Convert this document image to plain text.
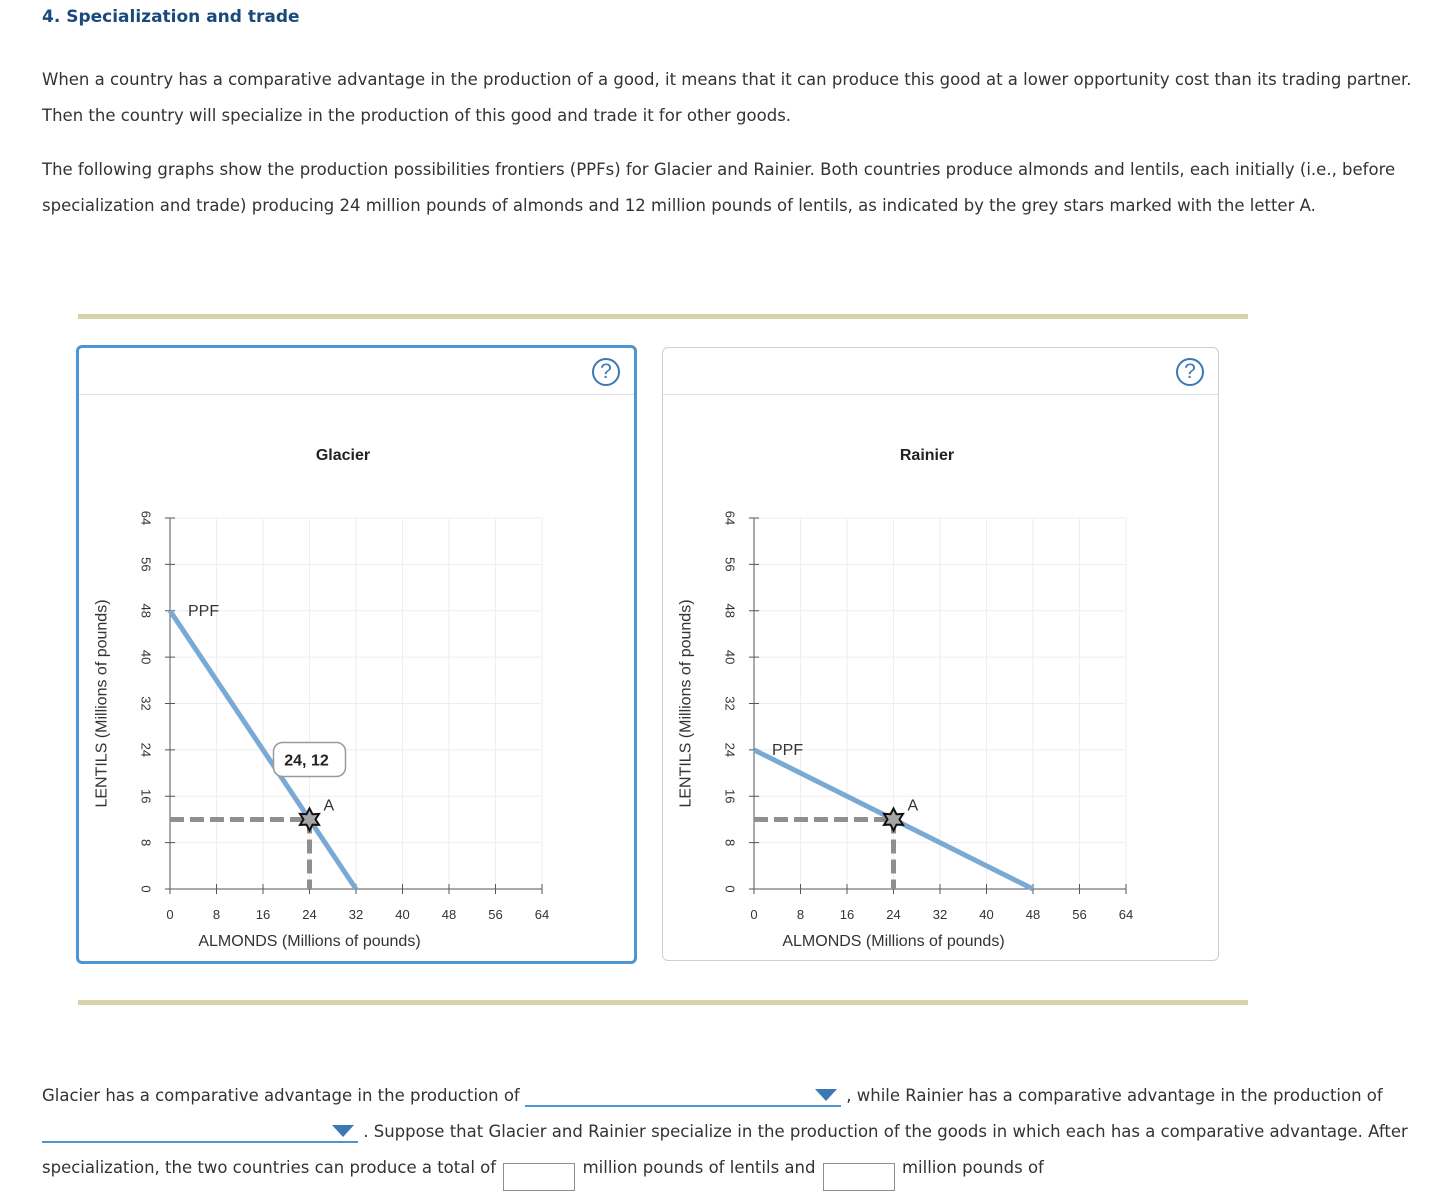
4. Specialization and trade

When a country has a comparative advantage in the production of a good, it means that it can produce this good at a lower opportunity cost than its trading partner. Then the country will specialize in the production of this good and trade it for other goods.

The following graphs show the production possibilities frontiers (PPFs) for Glacier and Rainier. Both countries produce almonds and lentils, each initially (i.e., before specialization and trade) producing 24 million pounds of almonds and 12 million pounds of lentils, as indicated by the grey stars marked with the letter A.

?
Glacier
0	8	16 24 32 40 48 56 64
0
8
16
24
32
40
48
56
64
ALMONDS (Millions of pounds)
LENTILS (Millions of pounds)	PPF
A
24, 12
?
Rainier
0	8	16 24 32 40 48 56 64
0
8
16
24
32
40
48
56
64
ALMONDS (Millions of pounds)
LENTILS (Millions of pounds)	PPF
A

Glacier has a comparative advantage in the production of	, while Rainier has a comparative advantage in the production of
. Suppose that Glacier and Rainier specialize in the production of the goods in which each has a comparative advantage. After specialization, the two countries can produce a total of	million pounds of lentils and	million pounds of
